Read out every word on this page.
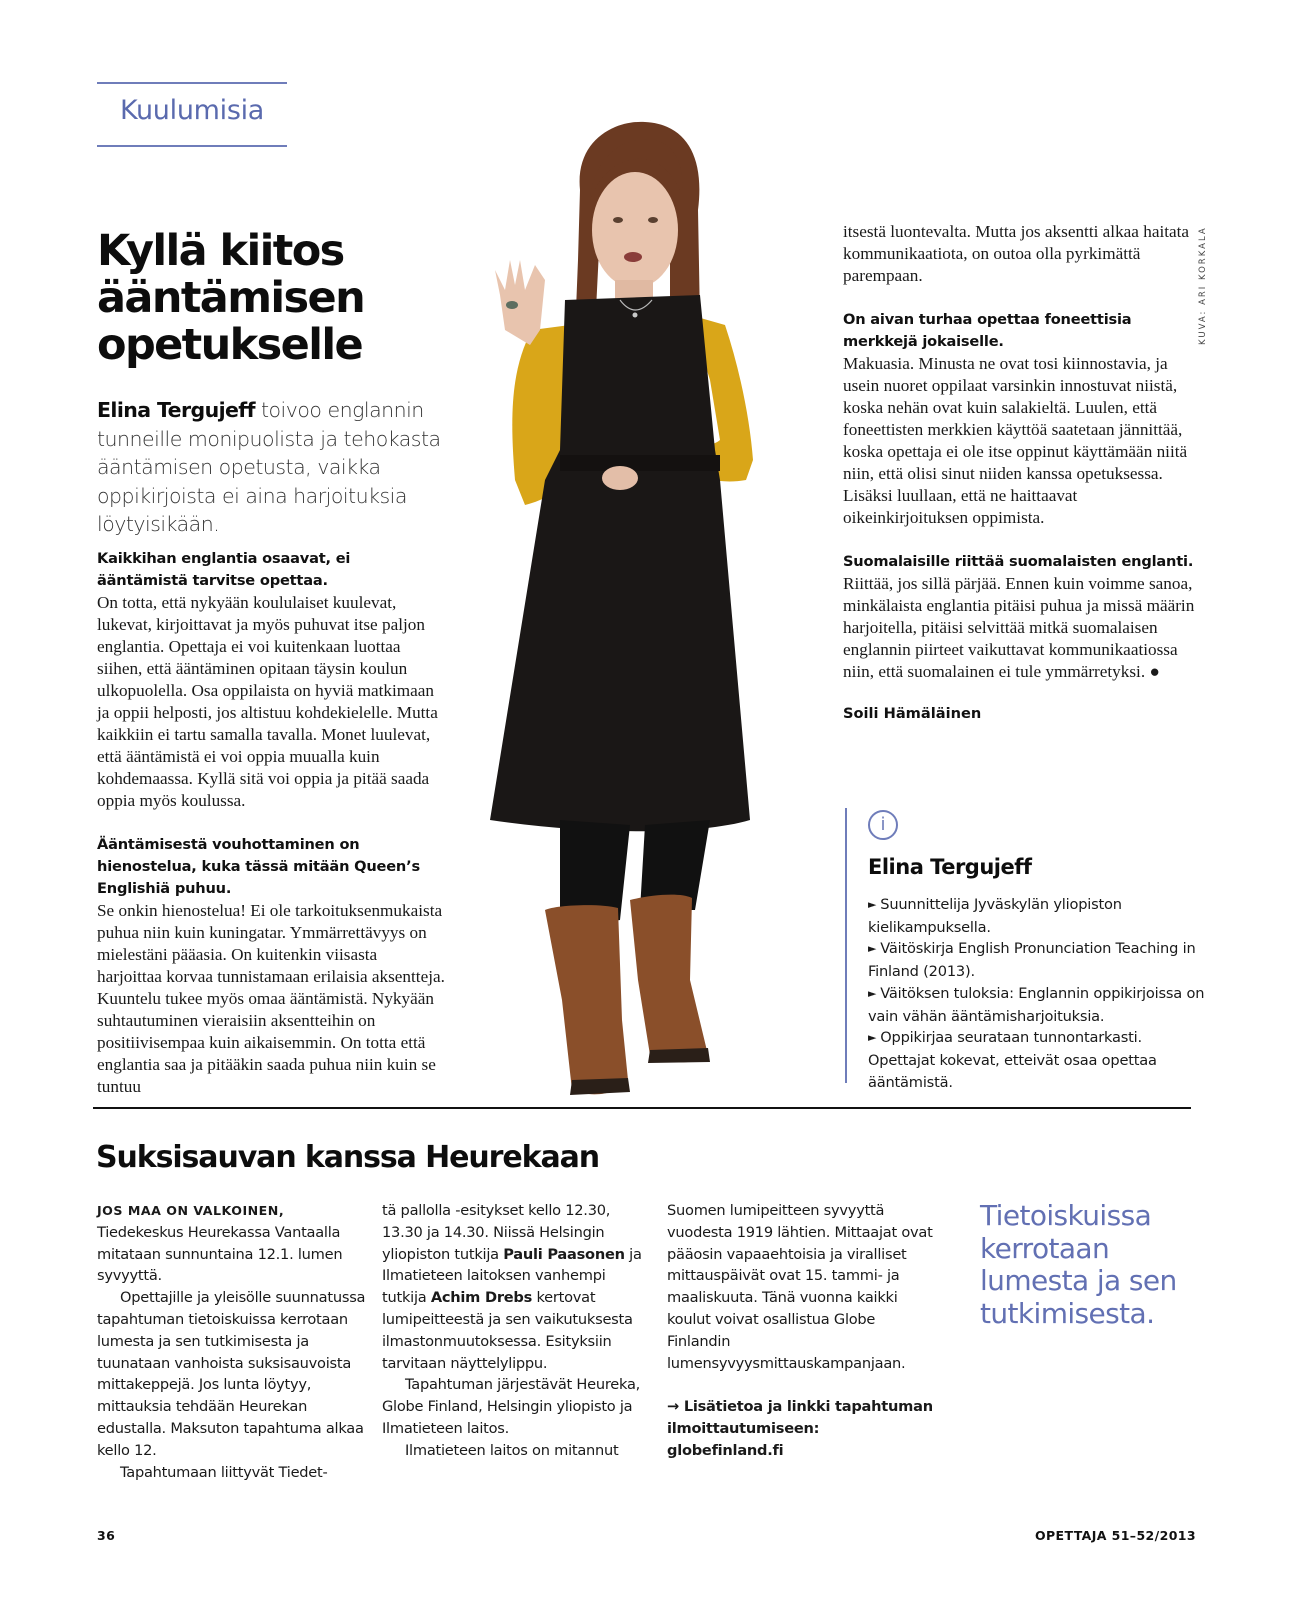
Kuulumisia
Kyllä kiitos
ääntämisen
opetukselle
Elina Tergujeff toivoo englannin tunneille monipuolista ja tehokasta ääntämisen opetusta, vaikka oppikirjoista ei aina harjoituksia löytyisikään.
Kaikkihan englantia osaavat, ei ääntämistä tarvitse opettaa.
On totta, että nykyään koululaiset kuulevat, lukevat, kirjoittavat ja myös puhuvat itse paljon englantia. Opettaja ei voi kuitenkaan luottaa siihen, että ääntäminen opitaan täysin koulun ulkopuolella. Osa oppilaista on hyviä matkimaan ja oppii helposti, jos altistuu kohdekielelle. Mutta kaikkiin ei tartu samalla tavalla. Monet luulevat, että ääntämistä ei voi oppia muualla kuin kohdemaassa. Kyllä sitä voi oppia ja pitää saada oppia myös koulussa.
Ääntämisestä vouhottaminen on hienostelua, kuka tässä mitään Queen’s Englishiä puhuu.
Se onkin hienostelua! Ei ole tarkoituksenmukaista puhua niin kuin kuningatar. Ymmärrettävyys on mielestäni pääasia. On kuitenkin viisasta harjoittaa korvaa tunnistamaan erilaisia aksentteja. Kuuntelu tukee myös omaa ääntämistä. Nykyään suhtautuminen vieraisiin aksentteihin on positiivisempaa kuin aikaisemmin. On totta että englantia saa ja pitääkin saada puhua niin kuin se tuntuu
itsestä luontevalta. Mutta jos aksentti alkaa haitata kommunikaatiota, on outoa olla pyrkimättä parempaan.
On aivan turhaa opettaa foneettisia merkkejä jokaiselle.
Makuasia. Minusta ne ovat tosi kiinnostavia, ja usein nuoret oppilaat varsinkin innostuvat niistä, koska nehän ovat kuin salakieltä. Luulen, että foneettisten merkkien käyttöä saatetaan jännittää, koska opettaja ei ole itse oppinut käyttämään niitä niin, että olisi sinut niiden kanssa opetuksessa. Lisäksi luullaan, että ne haittaavat oikeinkirjoituksen oppimista.
Suomalaisille riittää suomalaisten englanti.
Riittää, jos sillä pärjää. Ennen kuin voimme sanoa, minkälaista englantia pitäisi puhua ja missä määrin harjoitella, pitäisi selvittää mitkä suomalaisen englannin piirteet vaikuttavat kommunikaatiossa niin, että suomalainen ei tule ymmärretyksi. ●
Soili Hämäläinen
KUVA: ARI KORKALA
i
Elina Tergujeff
► Suunnittelija Jyväskylän yliopiston kielikampuksella.
► Väitöskirja English Pronunciation Teaching in Finland (2013).
► Väitöksen tuloksia: Englannin oppikirjoissa on vain vähän ääntämisharjoituksia.
► Oppikirjaa seurataan tunnontarkasti. Opettajat kokevat, etteivät osaa opettaa ääntämistä.
Suksisauvan kanssa Heurekaan
JOS MAA ON VALKOINEN, Tiedekeskus Heurekassa Vantaalla mitataan sunnuntaina 12.1. lumen syvyyttä.
Opettajille ja yleisölle suunnatussa tapahtuman tietoiskuissa kerrotaan lumesta ja sen tutkimisesta ja tuunataan vanhoista suksisauvoista mittakeppejä. Jos lunta löytyy, mittauksia tehdään Heurekan edustalla. Maksuton tapahtuma alkaa kello 12.
Tapahtumaan liittyvät Tiedet-
tä pallolla -esitykset kello 12.30, 13.30 ja 14.30. Niissä Helsingin yliopiston tutkija Pauli Paasonen ja Ilmatieteen laitoksen vanhempi tutkija Achim Drebs kertovat lumipeitteestä ja sen vaikutuksesta ilmastonmuutoksessa. Esityksiin tarvitaan näyttelylippu.
Tapahtuman järjestävät Heureka, Globe Finland, Helsingin yliopisto ja Ilmatieteen laitos.
Ilmatieteen laitos on mitannut
Suomen lumipeitteen syvyyttä vuodesta 1919 lähtien. Mittaajat ovat pääosin vapaaehtoisia ja viralliset mittauspäivät ovat 15. tammi- ja maaliskuuta. Tänä vuonna kaikki koulut voivat osallistua Globe Finlandin lumensyvyysmittauskampanjaan.
→ Lisätietoa ja linkki tapahtuman ilmoittautumiseen:
globefinland.fi
Tietoiskuissa kerrotaan lumesta ja sen tutkimisesta.
36	OPETTAJA 51–52/2013
